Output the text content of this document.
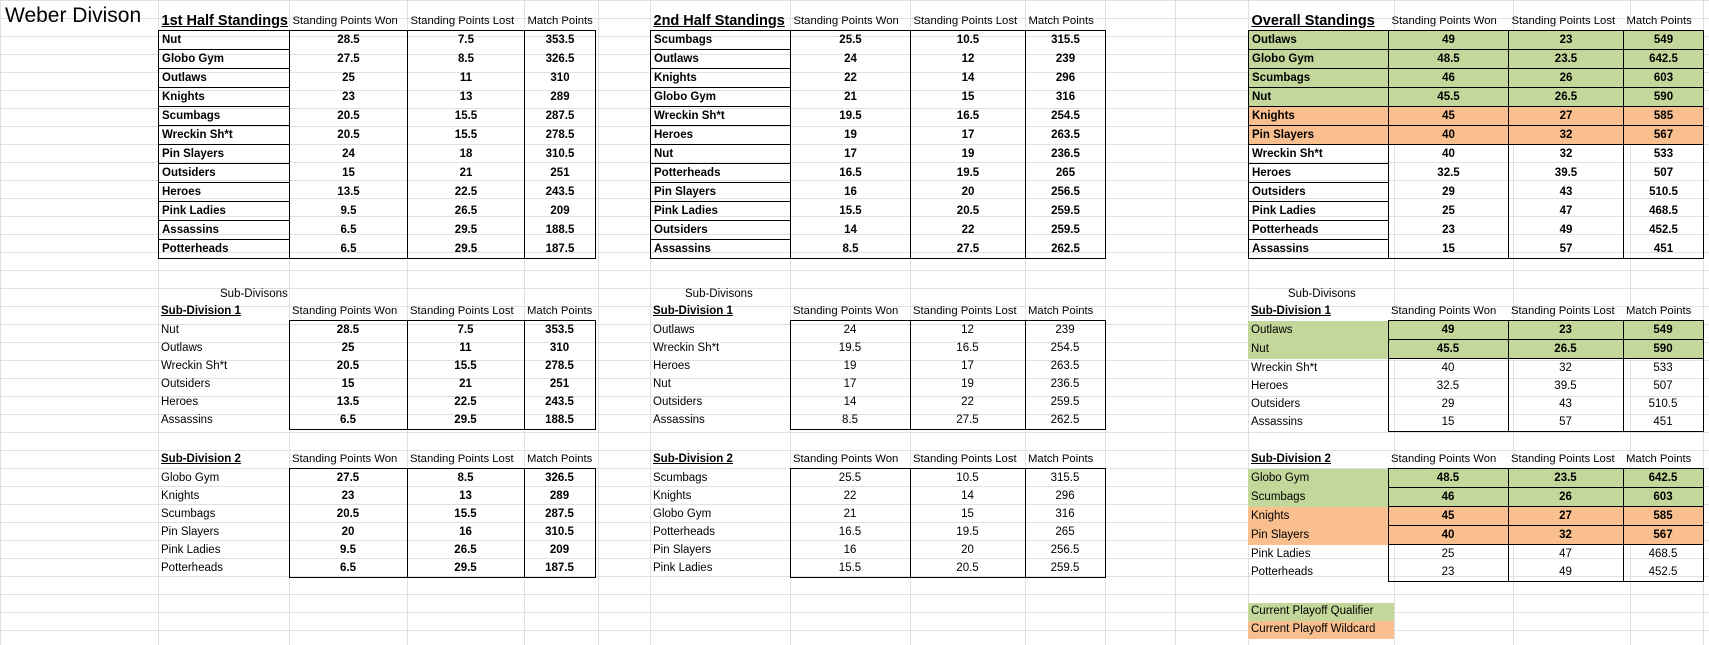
Weber Divison 1st Half Standings	Standing Points Won	Standing Points Lost	Match Points
Nut	28.5	7.5	353.5
Globo Gym	27.5	8.5	326.5
Outlaws	25	11	310
Knights	23	13	289
Scumbags	20.5	15.5	287.5
Wreckin Sh*t	20.5	15.5	278.5
Pin Slayers	24	18	310.5
Outsiders	15	21	251
Heroes	13.5	22.5	243.5
Pink Ladies	9.5	26.5	209
Assassins	6.5	29.5	188.5
Potterheads	6.5	29.5	187.5
2nd Half Standings	Standing Points Won	Standing Points Lost	Match Points
Scumbags	25.5	10.5	315.5
Outlaws	24	12	239
Knights	22	14	296
Globo Gym	21	15	316
Wreckin Sh*t	19.5	16.5	254.5
Heroes	19	17	263.5
Nut	17	19	236.5
Potterheads	16.5	19.5	265
Pin Slayers	16	20	256.5
Pink Ladies	15.5	20.5	259.5
Outsiders	14	22	259.5
Assassins	8.5	27.5	262.5
Overall Standings	Standing Points Won	Standing Points Lost	Match Points
Outlaws	49	23	549
Globo Gym	48.5	23.5	642.5
Scumbags	46	26	603
Nut	45.5	26.5	590
Knights	45	27	585
Pin Slayers	40	32	567
Wreckin Sh*t	40	32	533
Heroes	32.5	39.5	507
Outsiders	29	43	510.5
Pink Ladies	25	47	468.5
Potterheads	23	49	452.5
Assassins	15	57	451
Sub-Divisons	Sub-Divisons	Sub-Divisons
Sub-Division 1	Standing Points Won	Standing Points Lost	Match Points
Nut	28.5	7.5	353.5
Outlaws	25	11	310
Wreckin Sh*t	20.5	15.5	278.5
Outsiders	15	21	251
Heroes	13.5	22.5	243.5
Assassins	6.5	29.5	188.5
Sub-Division 2	Standing Points Won	Standing Points Lost	Match Points
Globo Gym	27.5	8.5	326.5
Knights	23	13	289
Scumbags	20.5	15.5	287.5
Pin Slayers	20	16	310.5
Pink Ladies	9.5	26.5	209
Potterheads	6.5	29.5	187.5
Sub-Division 1	Standing Points Won	Standing Points Lost	Match Points
Outlaws	24	12	239
Wreckin Sh*t	19.5	16.5	254.5
Heroes	19	17	263.5
Nut	17	19	236.5
Outsiders	14	22	259.5
Assassins	8.5	27.5	262.5
Sub-Division 2	Standing Points Won	Standing Points Lost	Match Points
Scumbags	25.5	10.5	315.5
Knights	22	14	296
Globo Gym	21	15	316
Potterheads	16.5	19.5	265
Pin Slayers	16	20	256.5
Pink Ladies	15.5	20.5	259.5
Sub-Division 1	Standing Points Won	Standing Points Lost	Match Points
Outlaws	49	23	549
Nut	45.5	26.5	590
Wreckin Sh*t	40	32	533
Heroes	32.5	39.5	507
Outsiders	29	43	510.5
Assassins	15	57	451
Sub-Division 2	Standing Points Won	Standing Points Lost	Match Points
Globo Gym	48.5	23.5	642.5
Scumbags	46	26	603
Knights	45	27	585
Pin Slayers	40	32	567
Pink Ladies	25	47	468.5
Potterheads	23	49	452.5
Current Playoff Qualifier
Current Playoff Wildcard
